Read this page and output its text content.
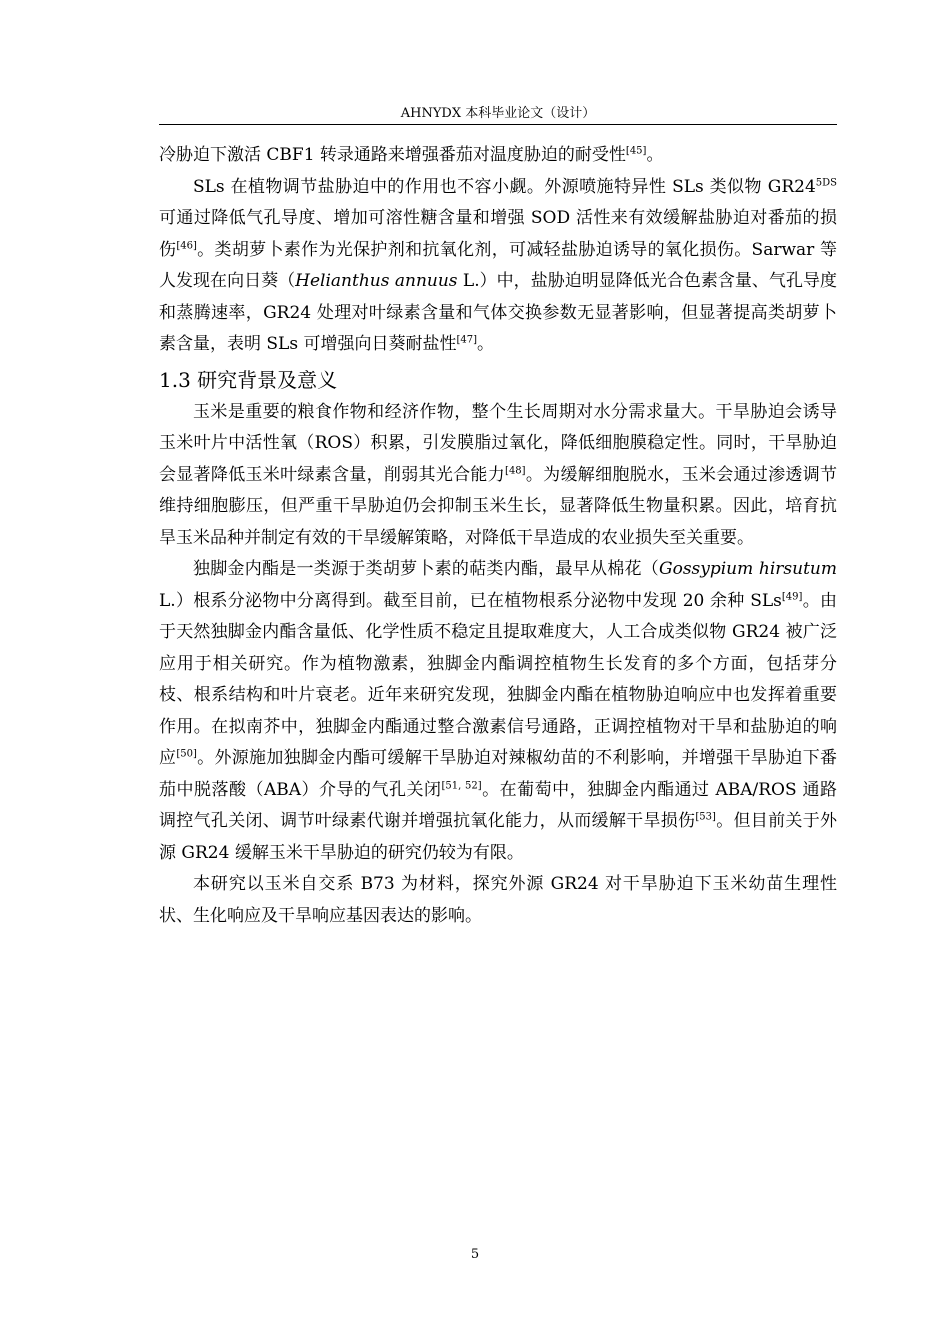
AHNYDX 本科毕业论文（设计）

冷胁迫下激活 CBF1 转录通路来增强番茄对温度胁迫的耐受性[45]。

SLs 在植物调节盐胁迫中的作用也不容小觑。外源喷施特异性 SLs 类似物 $GR24^{5DS}$ 可通过降低气孔导度、增加可溶性糖含量和增强 SOD 活性来有效缓解盐胁迫对番茄的损伤[46]。类胡萝卜素作为光保护剂和抗氧化剂，可减轻盐胁迫诱导的氧化损伤。Sarwar 等人发现在向日葵（Helianthus annuus L.）中，盐胁迫明显降低光合色素含量、气孔导度和蒸腾速率，GR24 处理对叶绿素含量和气体交换参数无显著影响，但显著提高类胡萝卜素含量，表明 SLs 可增强向日葵耐盐性[47]。

1.3 研究背景及意义

玉米是重要的粮食作物和经济作物，整个生长周期对水分需求量大。干旱胁迫会诱导玉米叶片中活性氧（ROS）积累，引发膜脂过氧化，降低细胞膜稳定性。同时，干旱胁迫会显著降低玉米叶绿素含量，削弱其光合能力[48]。为缓解细胞脱水，玉米会通过渗透调节维持细胞膨压，但严重干旱胁迫仍会抑制玉米生长，显著降低生物量积累。因此，培育抗旱玉米品种并制定有效的干旱缓解策略，对降低干旱造成的农业损失至关重要。

独脚金内酯是一类源于类胡萝卜素的萜类内酯，最早从棉花（Gossypium hirsutum L.）根系分泌物中分离得到。截至目前，已在植物根系分泌物中发现 20 余种 SLs[49]。由于天然独脚金内酯含量低、化学性质不稳定且提取难度大，人工合成类似物 GR24 被广泛应用于相关研究。作为植物激素，独脚金内酯调控植物生长发育的多个方面，包括芽分枝、根系结构和叶片衰老。近年来研究发现，独脚金内酯在植物胁迫响应中也发挥着重要作用。在拟南芥中，独脚金内酯通过整合激素信号通路，正调控植物对干旱和盐胁迫的响应[50]。外源施加独脚金内酯可缓解干旱胁迫对辣椒幼苗的不利影响，并增强干旱胁迫下番茄中脱落酸（ABA）介导的气孔关闭[51, 52]。在葡萄中，独脚金内酯通过 ABA/ROS 通路调控气孔关闭、调节叶绿素代谢并增强抗氧化能力，从而缓解干旱损伤[53]。但目前关于外源 GR24 缓解玉米干旱胁迫的研究仍较为有限。

本研究以玉米自交系 B73 为材料，探究外源 GR24 对干旱胁迫下玉米幼苗生理性状、生化响应及干旱响应基因表达的影响。

5
